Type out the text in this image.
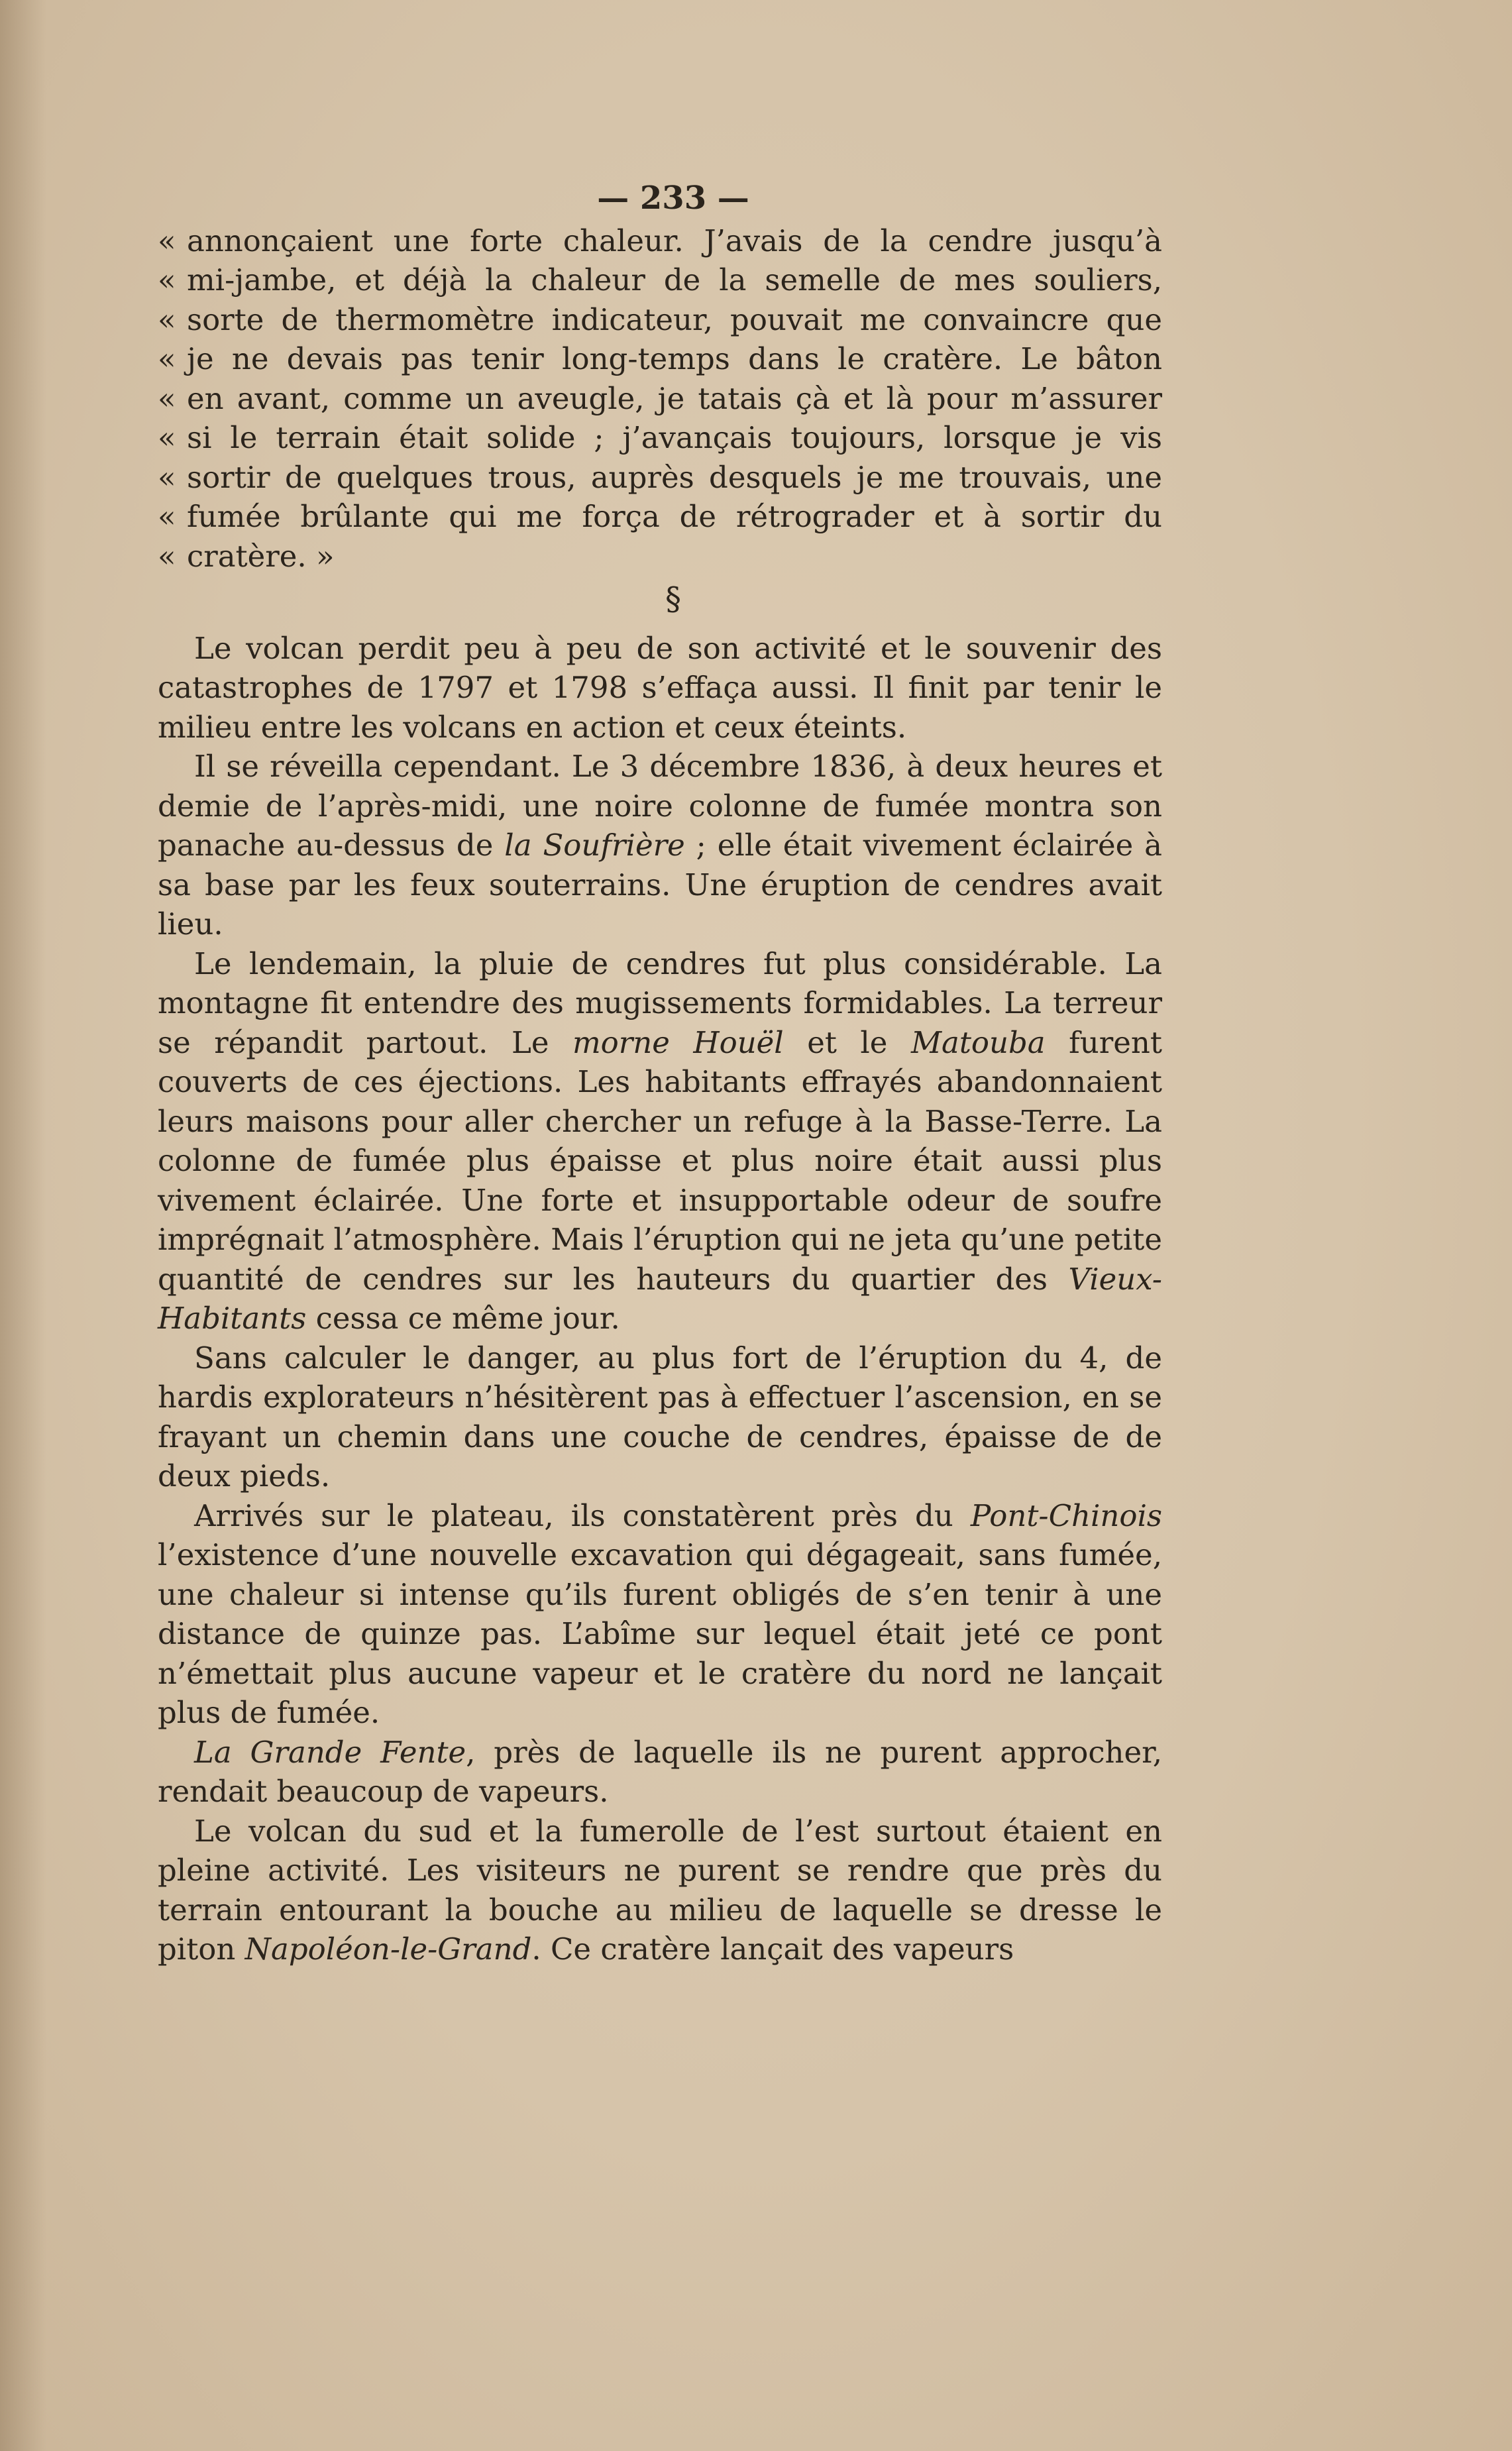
— 233 —
« annonçaient une forte chaleur. J’avais de la cendre jusqu’à
« mi-jambe, et déjà la chaleur de la semelle de mes souliers,
« sorte de thermomètre indicateur, pouvait me convaincre que
« je ne devais pas tenir long-temps dans le cratère. Le bâton
« en avant, comme un aveugle, je tatais çà et là pour m’assurer
« si le terrain était solide ; j’avançais toujours, lorsque je vis
« sortir de quelques trous, auprès desquels je me trouvais, une
« fumée brûlante qui me força de rétrograder et à sortir du
« cratère. »
§

Le volcan perdit peu à peu de son activité et le souvenir des catastrophes de 1797 et 1798 s’effaça aussi. Il finit par tenir le milieu entre les volcans en action et ceux éteints.

Il se réveilla cependant. Le 3 décembre 1836, à deux heures et demie de l’après-midi, une noire colonne de fumée montra son panache au-dessus de la Soufrière ; elle était vivement éclairée à sa base par les feux souterrains. Une éruption de cendres avait lieu.

Le lendemain, la pluie de cendres fut plus considérable. La montagne fit entendre des mugissements formidables. La terreur se répandit partout. Le morne Houël et le Matouba furent couverts de ces éjections. Les habitants effrayés abandonnaient leurs maisons pour aller chercher un refuge à la Basse-Terre. La colonne de fumée plus épaisse et plus noire était aussi plus vivement éclairée. Une forte et insupportable odeur de soufre imprégnait l’atmosphère. Mais l’éruption qui ne jeta qu’une petite quantité de cendres sur les hauteurs du quartier des Vieux-Habitants cessa ce même jour.

Sans calculer le danger, au plus fort de l’éruption du 4, de hardis explorateurs n’hésitèrent pas à effectuer l’ascension, en se frayant un chemin dans une couche de cendres, épaisse de de deux pieds.

Arrivés sur le plateau, ils constatèrent près du Pont-Chinois l’existence d’une nouvelle excavation qui dégageait, sans fumée, une chaleur si intense qu’ils furent obligés de s’en tenir à une distance de quinze pas. L’abîme sur lequel était jeté ce pont n’émettait plus aucune vapeur et le cratère du nord ne lançait plus de fumée.

La Grande Fente, près de laquelle ils ne purent approcher, rendait beaucoup de vapeurs.

Le volcan du sud et la fumerolle de l’est surtout étaient en pleine activité. Les visiteurs ne purent se rendre que près du terrain entourant la bouche au milieu de laquelle se dresse le piton Napoléon-le-Grand. Ce cratère lançait des vapeurs
